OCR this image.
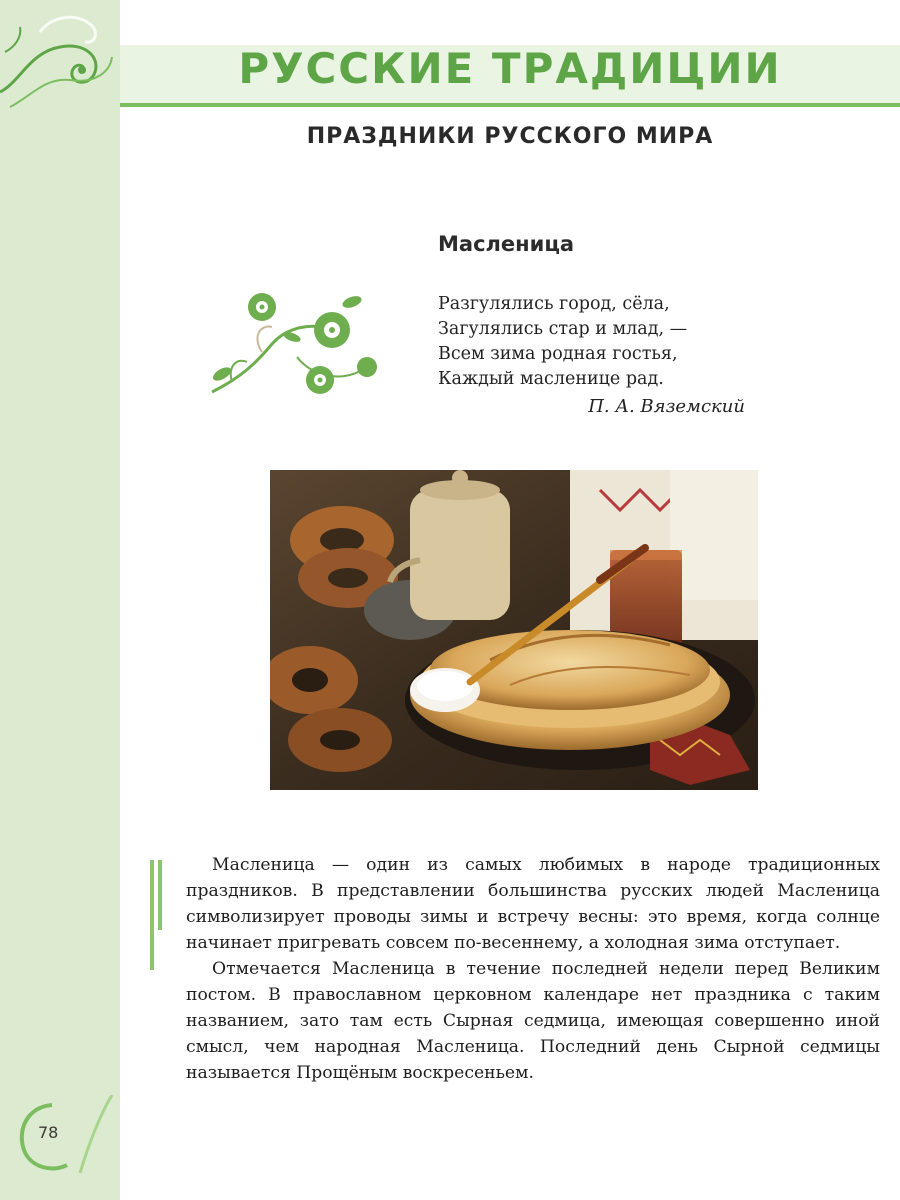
РУССКИЕ ТРАДИЦИИ
ПРАЗДНИКИ РУССКОГО МИРА
Масленица
Разгулялись город, сёла,
Загулялись стар и млад, —
Всем зима родная гостья,
Каждый масленице рад.
П. А. Вяземский

Масленица — один из самых любимых в народе традиционных праздников. В представлении большинства русских людей Масленица символизирует проводы зимы и встречу весны: это время, когда солнце начинает пригревать совсем по-весеннему, а холодная зима отступает.

Отмечается Масленица в течение последней недели перед Великим постом. В православном церковном календаре нет праздника с таким названием, зато там есть Сырная седмица, имеющая совершенно иной смысл, чем народная Масленица. Последний день Сырной седмицы называется Прощёным воскресеньем.

78
